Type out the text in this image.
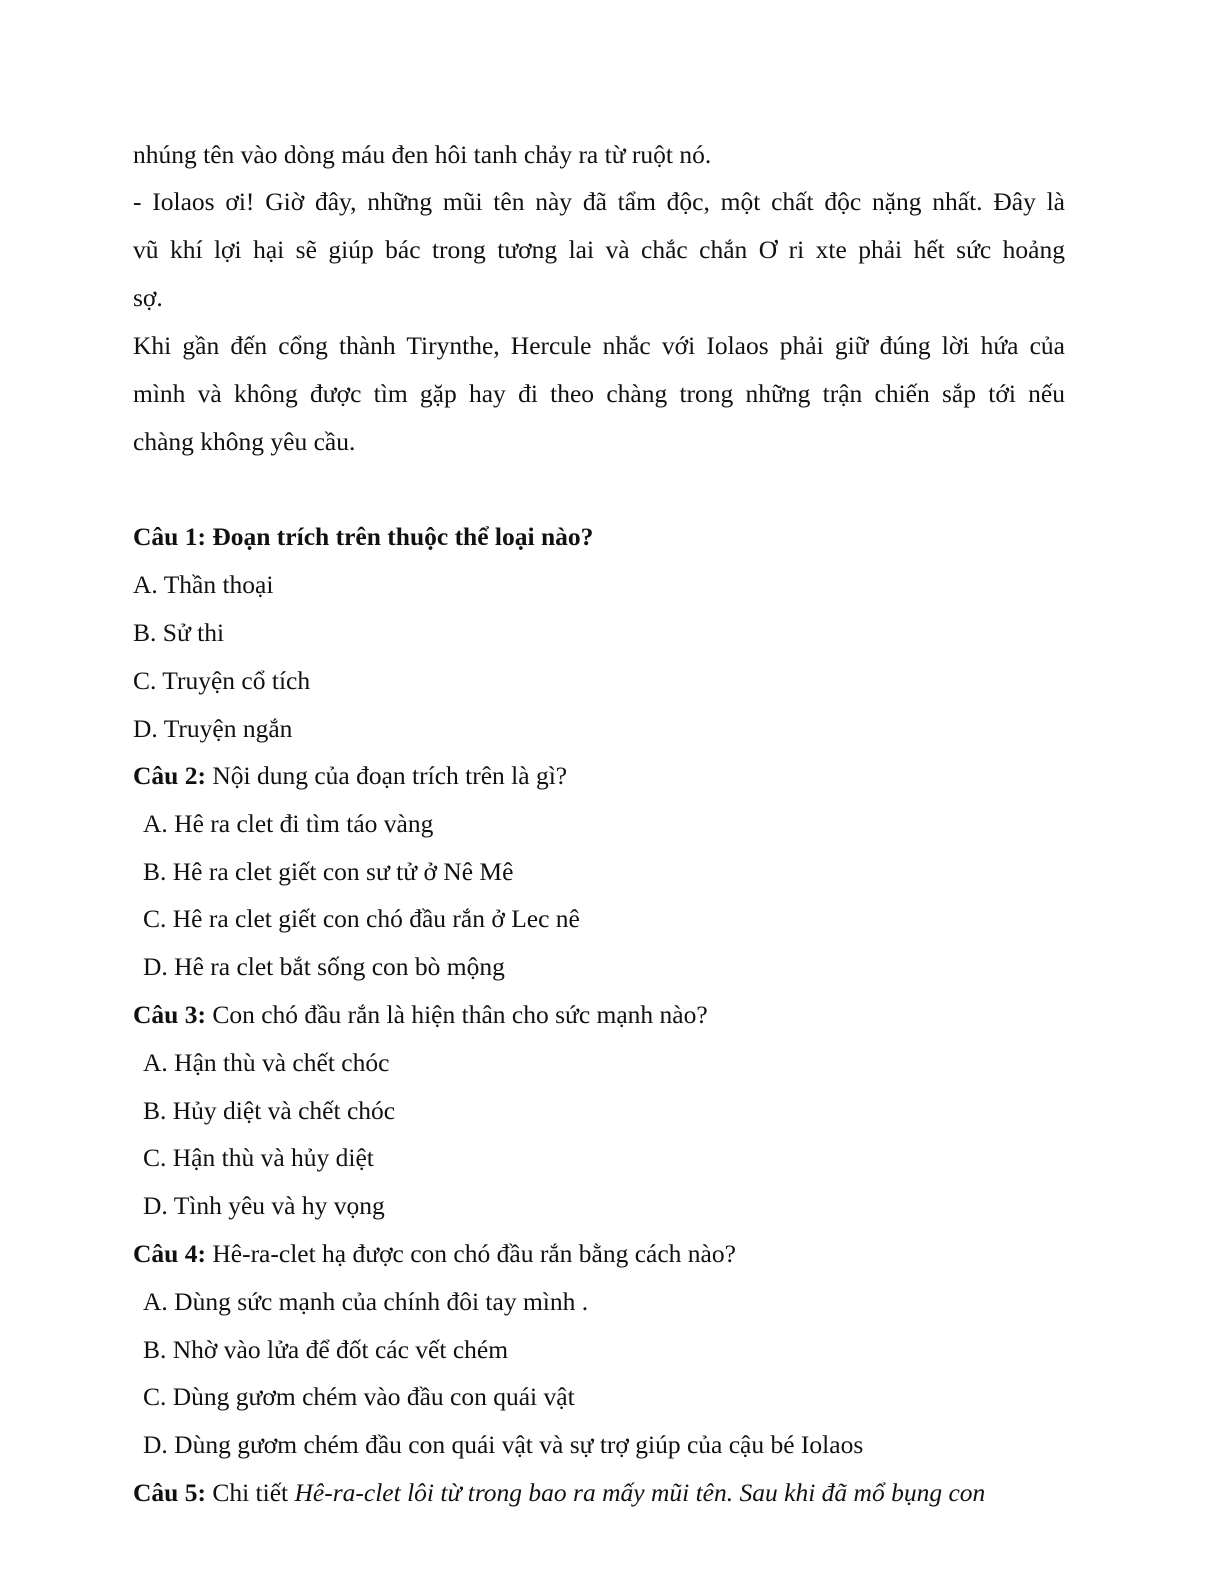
nhúng tên vào dòng máu đen hôi tanh chảy ra từ ruột nó.
- Iolaos ơi! Giờ đây, những mũi tên này đã tẩm độc, một chất độc nặng nhất. Đây là
vũ khí lợi hại sẽ giúp bác trong tương lai và chắc chắn Ơ ri xte phải hết sức hoảng
sợ.
Khi gần đến cổng thành Tirynthe, Hercule nhắc với Iolaos phải giữ đúng lời hứa của
mình và không được tìm gặp hay đi theo chàng trong những trận chiến sắp tới nếu
chàng không yêu cầu.
Câu 1: Đoạn trích trên thuộc thể loại nào?
A. Thần thoại
B. Sử thi
C. Truyện cổ tích
D. Truyện ngắn
Câu 2: Nội dung của đoạn trích trên là gì?
A. Hê ra clet đi tìm táo vàng
B. Hê ra clet giết con sư tử ở Nê Mê
C. Hê ra clet giết con chó đầu rắn ở Lec nê
D. Hê ra clet bắt sống con bò mộng
Câu 3: Con chó đầu rắn là hiện thân cho sức mạnh nào?
A. Hận thù và chết chóc
B. Hủy diệt và chết chóc
C. Hận thù và hủy diệt
D. Tình yêu và hy vọng
Câu 4: Hê-ra-clet hạ được con chó đầu rắn bằng cách nào?
A. Dùng sức mạnh của chính đôi tay mình .
B. Nhờ vào lửa để đốt các vết chém
C. Dùng gươm chém vào đầu con quái vật
D. Dùng gươm chém đầu con quái vật và sự trợ giúp của cậu bé Iolaos
Câu 5: Chi tiết Hê-ra-clet lôi từ trong bao ra mấy mũi tên. Sau khi đã mổ bụng con
